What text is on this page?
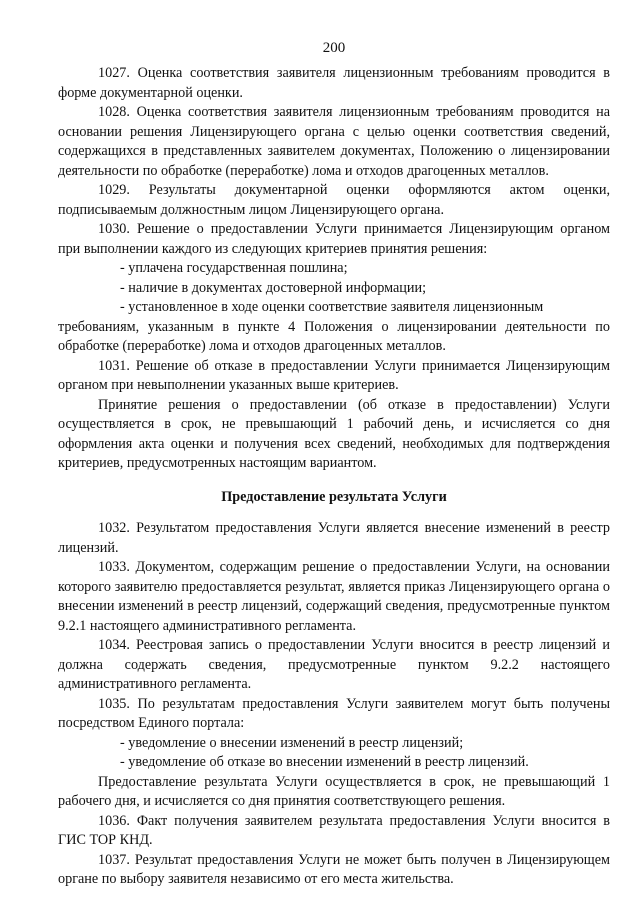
200

1027. Оценка соответствия заявителя лицензионным требованиям проводится в форме документарной оценки.

1028. Оценка соответствия заявителя лицензионным требованиям проводится на основании решения Лицензирующего органа с целью оценки соответствия сведений, содержащихся в представленных заявителем документах, Положению о лицензировании деятельности по обработке (переработке) лома и отходов драгоценных металлов.

1029. Результаты документарной оценки оформляются актом оценки, подписываемым должностным лицом Лицензирующего органа.

1030. Решение о предоставлении Услуги принимается Лицензирующим органом при выполнении каждого из следующих критериев принятия решения:

- уплачена государственная пошлина;

- наличие в документах достоверной информации;

- установленное в ходе оценки соответствие заявителя лицензионным

требованиям, указанным в пункте 4 Положения о лицензировании деятельности по обработке (переработке) лома и отходов драгоценных металлов.

1031. Решение об отказе в предоставлении Услуги принимается Лицензирующим органом при невыполнении указанных выше критериев.

Принятие решения о предоставлении (об отказе в предоставлении) Услуги осуществляется в срок, не превышающий 1 рабочий день, и исчисляется со дня оформления акта оценки и получения всех сведений, необходимых для подтверждения критериев, предусмотренных настоящим вариантом.

Предоставление результата Услуги

1032. Результатом предоставления Услуги является внесение изменений в реестр лицензий.

1033. Документом, содержащим решение о предоставлении Услуги, на основании которого заявителю предоставляется результат, является приказ Лицензирующего органа о внесении изменений в реестр лицензий, содержащий сведения, предусмотренные пунктом 9.2.1 настоящего административного регламента.

1034. Реестровая запись о предоставлении Услуги вносится в реестр лицензий и должна содержать сведения, предусмотренные пунктом 9.2.2 настоящего административного регламента.

1035. По результатам предоставления Услуги заявителем могут быть получены посредством Единого портала:

- уведомление о внесении изменений в реестр лицензий;

- уведомление об отказе во внесении изменений в реестр лицензий.

Предоставление результата Услуги осуществляется в срок, не превышающий 1 рабочего дня, и исчисляется со дня принятия соответствующего решения.

1036. Факт получения заявителем результата предоставления Услуги вносится в ГИС ТОР КНД.

1037. Результат предоставления Услуги не может быть получен в Лицензирующем органе по выбору заявителя независимо от его места жительства.
